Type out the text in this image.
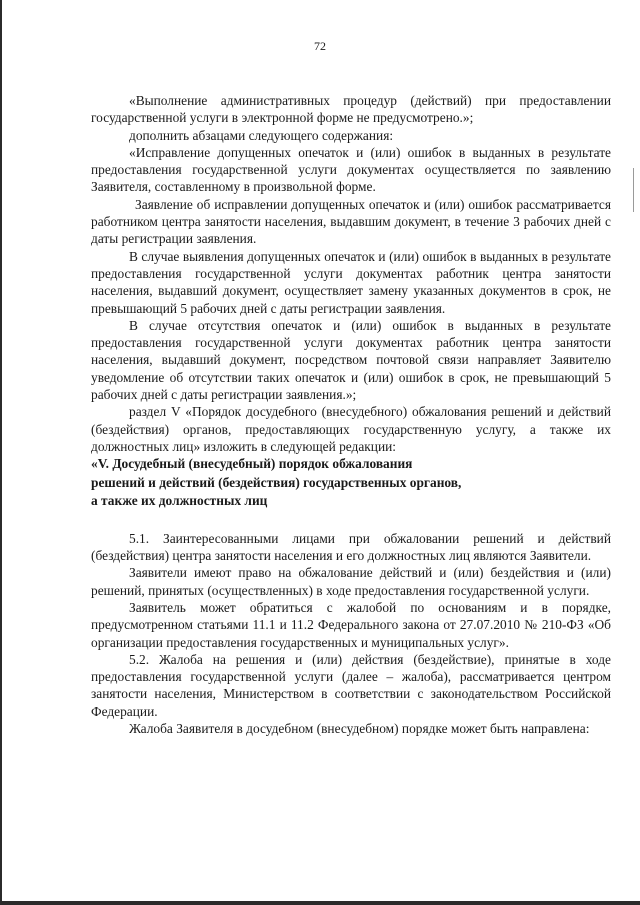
72

«Выполнение административных процедур (действий) при предоставлении государственной услуги в электронной форме не предусмотрено.»;

дополнить абзацами следующего содержания:

«Исправление допущенных опечаток и (или) ошибок в выданных в результате предоставления государственной услуги документах осуществляется по заявлению Заявителя, составленному в произвольной форме.

Заявление об исправлении допущенных опечаток и (или) ошибок рассматривается работником центра занятости населения, выдавшим документ, в течение 3 рабочих дней с даты регистрации заявления.

В случае выявления допущенных опечаток и (или) ошибок в выданных в результате предоставления государственной услуги документах работник центра занятости населения, выдавший документ, осуществляет замену указанных документов в срок, не превышающий 5 рабочих дней с даты регистрации заявления.

В случае отсутствия опечаток и (или) ошибок в выданных в результате предоставления государственной услуги документах работник центра занятости населения, выдавший документ, посредством почтовой связи направляет Заявителю уведомление об отсутствии таких опечаток и (или) ошибок в срок, не превышающий 5 рабочих дней с даты регистрации заявления.»;

раздел V «Порядок досудебного (внесудебного) обжалования решений и действий (бездействия) органов, предоставляющих государственную услугу, а также их должностных лиц» изложить в следующей редакции:

«V. Досудебный (внесудебный) порядок обжалования

решений и действий (бездействия) государственных органов,

а также их должностных лиц

5.1. Заинтересованными лицами при обжаловании решений и действий (бездействия) центра занятости населения и его должностных лиц являются Заявители.

Заявители имеют право на обжалование действий и (или) бездействия и (или) решений, принятых (осуществленных) в ходе предоставления государственной услуги.

Заявитель может обратиться с жалобой по основаниям и в порядке, предусмотренном статьями 11.1 и 11.2 Федерального закона от 27.07.2010 № 210-ФЗ «Об организации предоставления государственных и муниципальных услуг».

5.2. Жалоба на решения и (или) действия (бездействие), принятые в ходе предоставления государственной услуги (далее – жалоба), рассматривается центром занятости населения, Министерством в соответствии с законодательством Российской Федерации.

Жалоба Заявителя в досудебном (внесудебном) порядке может быть направлена:
